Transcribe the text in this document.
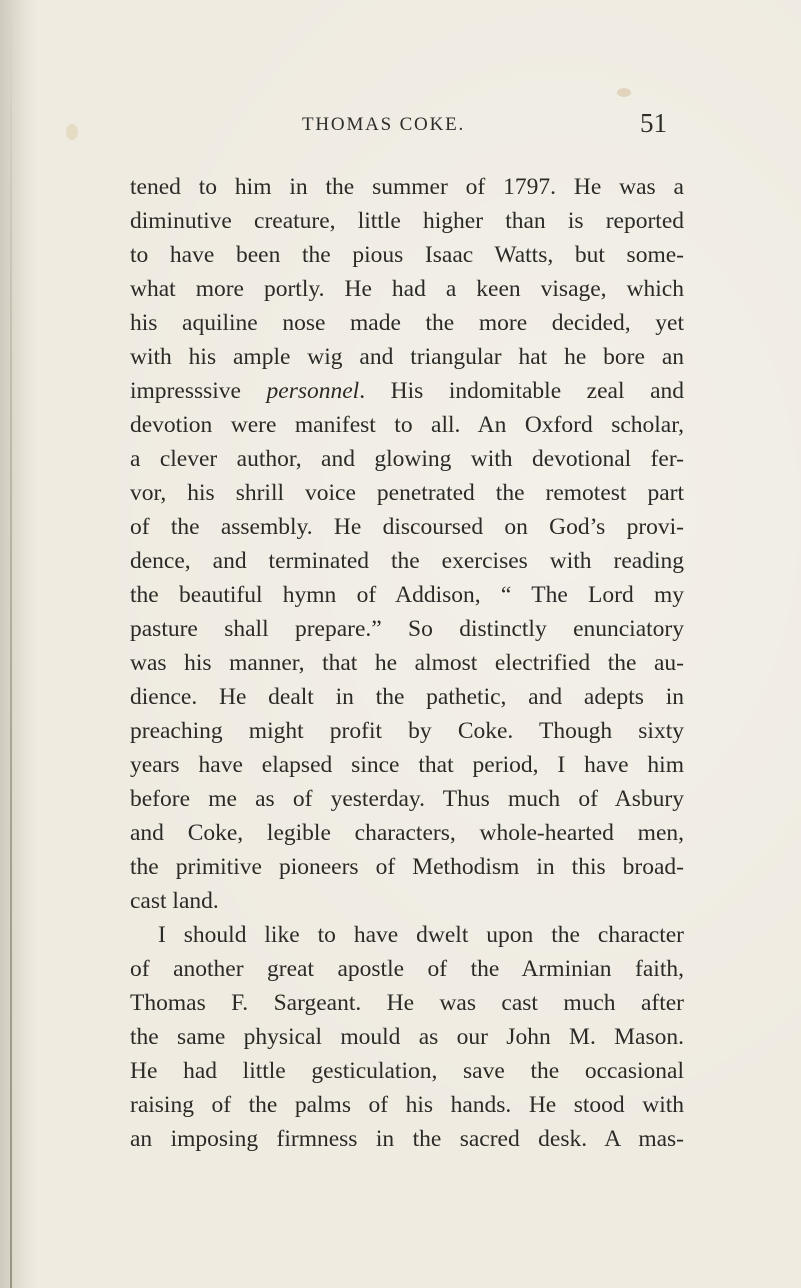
THOMAS COKE.	51
tened to him in the summer of 1797. He was a
diminutive creature, little higher than is reported
to have been the pious Isaac Watts, but some-
what more portly. He had a keen visage, which
his aquiline nose made the more decided, yet
with his ample wig and triangular hat he bore an
impresssive personnel. His indomitable zeal and
devotion were manifest to all. An Oxford scholar,
a clever author, and glowing with devotional fer-
vor, his shrill voice penetrated the remotest part
of the assembly. He discoursed on God’s provi-
dence, and terminated the exercises with reading
the beautiful hymn of Addison, “ The Lord my
pasture shall prepare.” So distinctly enunciatory
was his manner, that he almost electrified the au-
dience. He dealt in the pathetic, and adepts in
preaching might profit by Coke. Though sixty
years have elapsed since that period, I have him
before me as of yesterday. Thus much of Asbury
and Coke, legible characters, whole-hearted men,
the primitive pioneers of Methodism in this broad-
cast land.
I should like to have dwelt upon the character
of another great apostle of the Arminian faith,
Thomas F. Sargeant. He was cast much after
the same physical mould as our John M. Mason.
He had little gesticulation, save the occasional
raising of the palms of his hands. He stood with
an imposing firmness in the sacred desk. A mas-
